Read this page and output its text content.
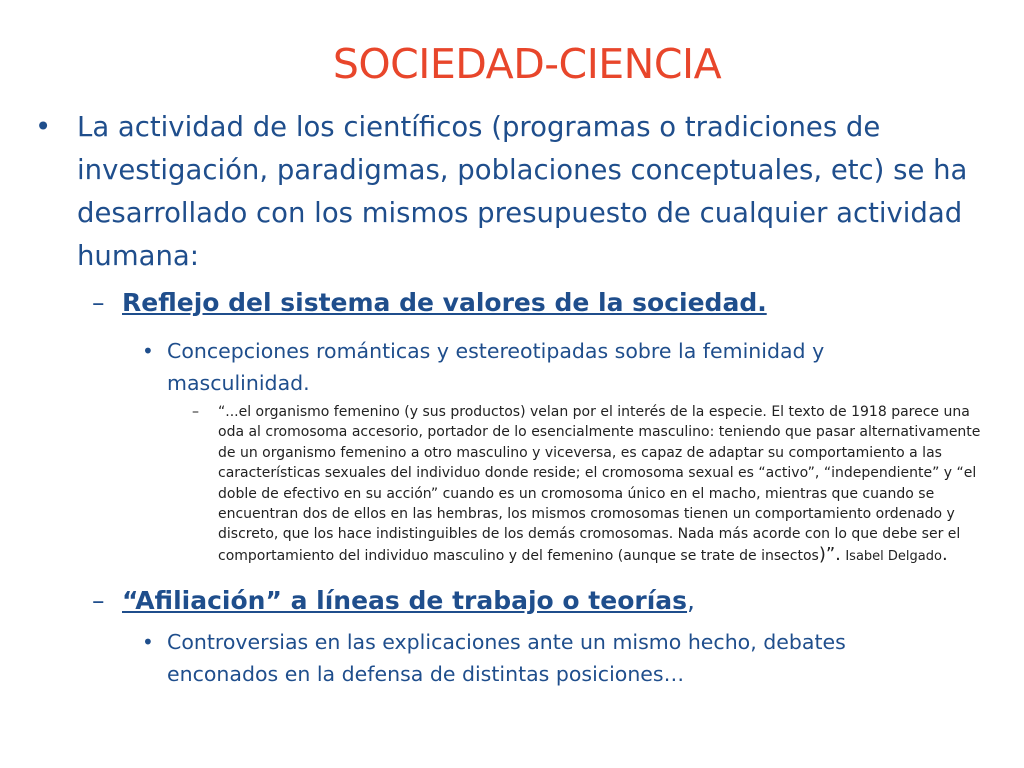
SOCIEDAD-CIENCIA
• La actividad de los científicos (programas o tradiciones de investigación, paradigmas, poblaciones conceptuales, etc) se ha desarrollado con los mismos presupuesto de cualquier actividad humana:
– Reflejo del sistema de valores de la sociedad.
• Concepciones románticas y estereotipadas sobre la feminidad y masculinidad.
– “...el organismo femenino (y sus productos) velan por el interés de la especie. El texto de 1918 parece una oda al cromosoma accesorio, portador de lo esencialmente masculino: teniendo que pasar alternativamente de un organismo femenino a otro masculino y viceversa, es capaz de adaptar su comportamiento a las características sexuales del individuo donde reside; el cromosoma sexual es “activo”, “independiente” y “el doble de efectivo en su acción” cuando es un cromosoma único en el macho, mientras que cuando se encuentran dos de ellos en las hembras, los mismos cromosomas tienen un comportamiento ordenado y discreto, que los hace indistinguibles de los demás cromosomas. Nada más acorde con lo que debe ser el comportamiento del individuo masculino y del femenino (aunque se trate de insectos)”. Isabel Delgado.
– “Afiliación” a líneas de trabajo o teorías,
• Controversias en las explicaciones ante un mismo hecho, debates enconados en la defensa de distintas posiciones…
